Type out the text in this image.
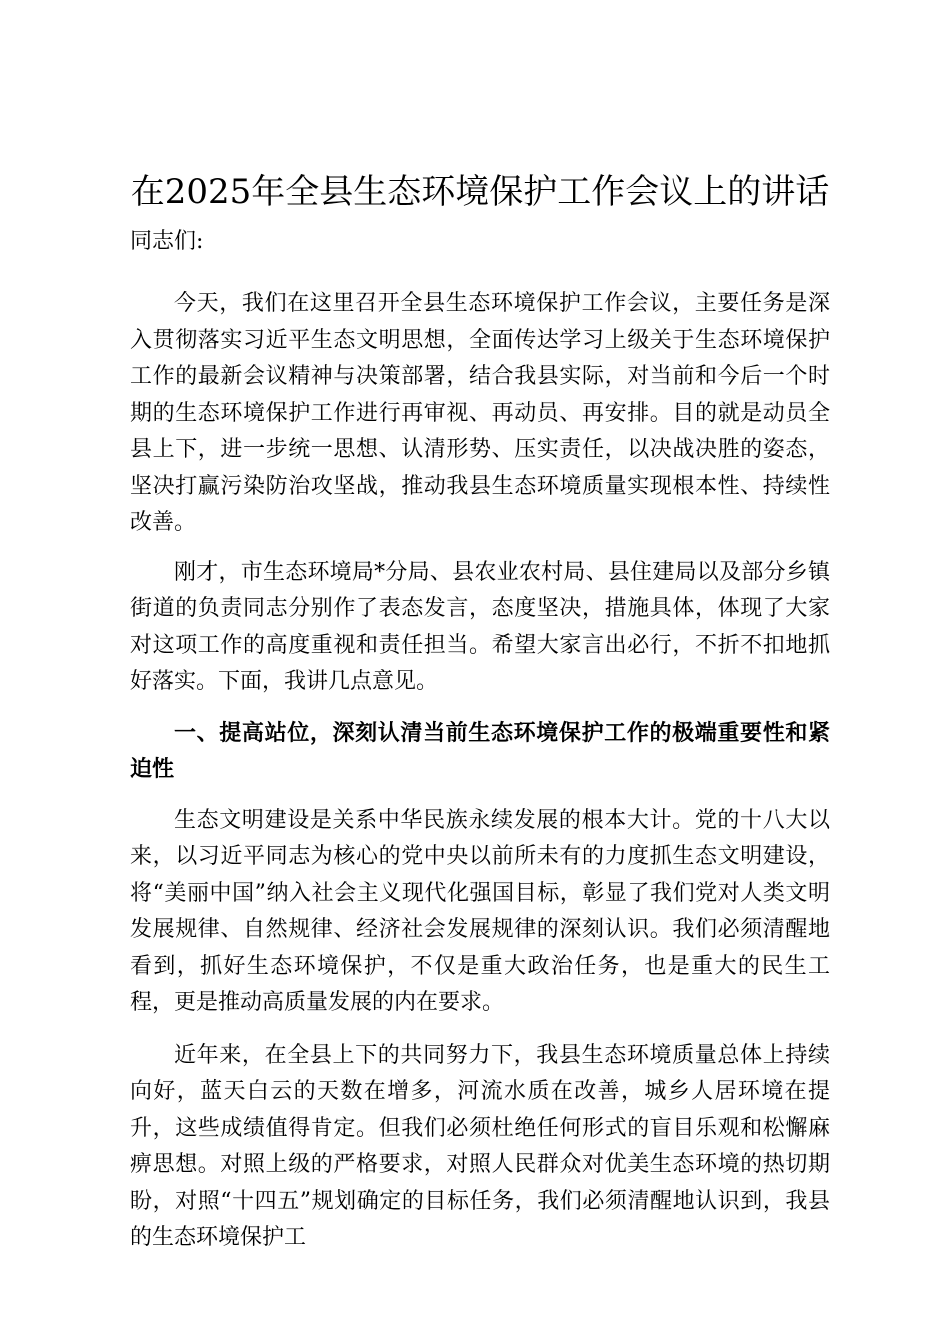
在2025年全县生态环境保护工作会议上的讲话

同志们:

今天，我们在这里召开全县生态环境保护工作会议，主要任务是深入贯彻落实习近平生态文明思想，全面传达学习上级关于生态环境保护工作的最新会议精神与决策部署，结合我县实际，对当前和今后一个时期的生态环境保护工作进行再审视、再动员、再安排。目的就是动员全县上下，进一步统一思想、认清形势、压实责任，以决战决胜的姿态，坚决打赢污染防治攻坚战，推动我县生态环境质量实现根本性、持续性改善。

刚才，市生态环境局*分局、县农业农村局、县住建局以及部分乡镇街道的负责同志分别作了表态发言，态度坚决，措施具体，体现了大家对这项工作的高度重视和责任担当。希望大家言出必行，不折不扣地抓好落实。下面，我讲几点意见。

一、提高站位，深刻认清当前生态环境保护工作的极端重要性和紧迫性

生态文明建设是关系中华民族永续发展的根本大计。党的十八大以来，以习近平同志为核心的党中央以前所未有的力度抓生态文明建设，将“美丽中国”纳入社会主义现代化强国目标，彰显了我们党对人类文明发展规律、自然规律、经济社会发展规律的深刻认识。我们必须清醒地看到，抓好生态环境保护，不仅是重大政治任务，也是重大的民生工程，更是推动高质量发展的内在要求。

近年来，在全县上下的共同努力下，我县生态环境质量总体上持续向好，蓝天白云的天数在增多，河流水质在改善，城乡人居环境在提升，这些成绩值得肯定。但我们必须杜绝任何形式的盲目乐观和松懈麻痹思想。对照上级的严格要求，对照人民群众对优美生态环境的热切期盼，对照“十四五”规划确定的目标任务，我们必须清醒地认识到，我县的生态环境保护工
